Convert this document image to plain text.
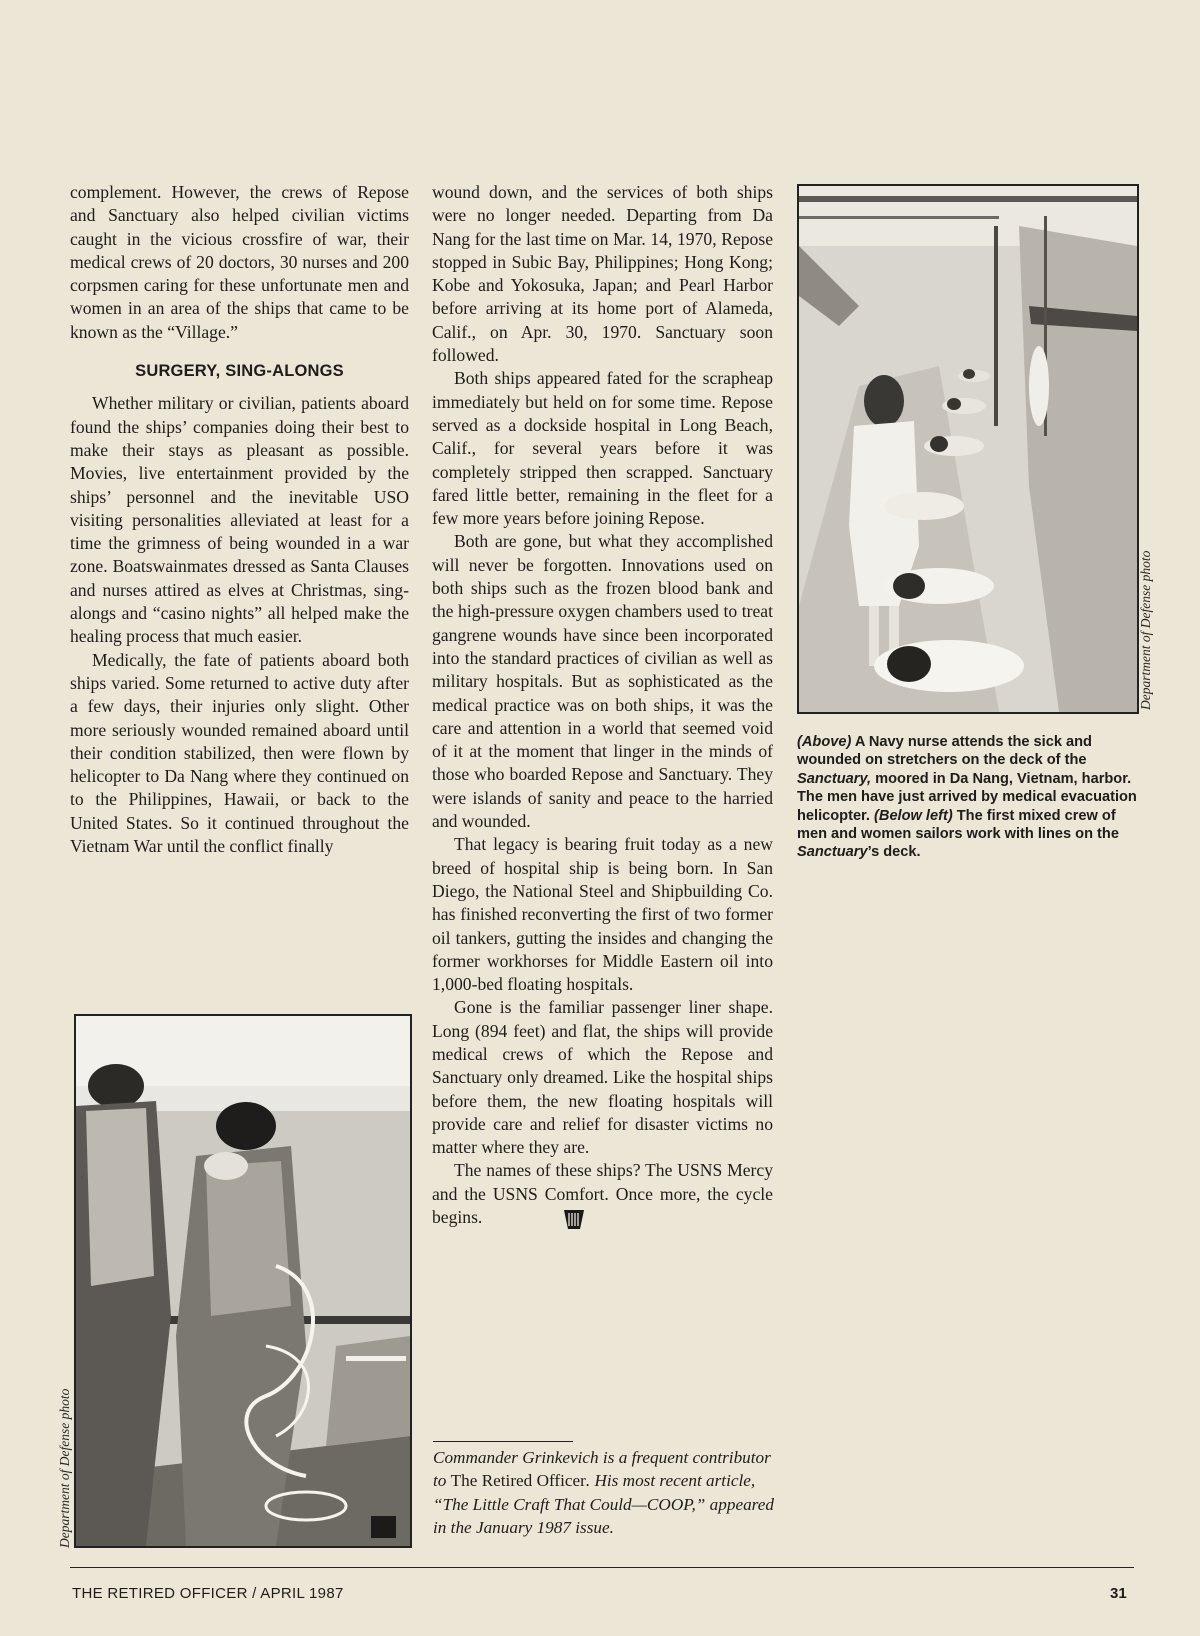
complement. However, the crews of Repose and Sanctuary also helped civilian victims caught in the vicious crossfire of war, their medical crews of 20 doctors, 30 nurses and 200 corpsmen caring for these unfortunate men and women in an area of the ships that came to be known as the “Village.”

SURGERY, SING-ALONGS

Whether military or civilian, patients aboard found the ships’ companies doing their best to make their stays as pleasant as possible. Movies, live entertainment provided by the ships’ personnel and the inevitable USO visiting personalities alleviated at least for a time the grimness of being wounded in a war zone. Boatswainmates dressed as Santa Clauses and nurses attired as elves at Christmas, sing-alongs and “casino nights” all helped make the healing process that much easier.

Medically, the fate of patients aboard both ships varied. Some returned to active duty after a few days, their injuries only slight. Other more seriously wounded remained aboard until their condition stabilized, then were flown by helicopter to Da Nang where they continued on to the Philippines, Hawaii, or back to the United States. So it continued throughout the Vietnam War until the conflict finally

wound down, and the services of both ships were no longer needed. Departing from Da Nang for the last time on Mar. 14, 1970, Repose stopped in Subic Bay, Philippines; Hong Kong; Kobe and Yokosuka, Japan; and Pearl Harbor before arriving at its home port of Alameda, Calif., on Apr. 30, 1970. Sanctuary soon followed.

Both ships appeared fated for the scrapheap immediately but held on for some time. Repose served as a dockside hospital in Long Beach, Calif., for several years before it was completely stripped then scrapped. Sanctuary fared little better, remaining in the fleet for a few more years before joining Repose.

Both are gone, but what they accomplished will never be forgotten. Innovations used on both ships such as the frozen blood bank and the high-pressure oxygen chambers used to treat gangrene wounds have since been incorporated into the standard practices of civilian as well as military hospitals. But as sophisticated as the medical practice was on both ships, it was the care and attention in a world that seemed void of it at the moment that linger in the minds of those who boarded Repose and Sanctuary. They were islands of sanity and peace to the harried and wounded.

That legacy is bearing fruit today as a new breed of hospital ship is being born. In San Diego, the National Steel and Shipbuilding Co. has finished reconverting the first of two former oil tankers, gutting the insides and changing the former workhorses for Middle Eastern oil into 1,000-bed floating hospitals.

Gone is the familiar passenger liner shape. Long (894 feet) and flat, the ships will provide medical crews of which the Repose and Sanctuary only dreamed. Like the hospital ships before them, the new floating hospitals will provide care and relief for disaster victims no matter where they are.

The names of these ships? The USNS Mercy and the USNS Comfort. Once more, the cycle begins.

Department of Defense photo
(Above) A Navy nurse attends the sick and wounded on stretchers on the deck of the Sanctuary, moored in Da Nang, Vietnam, harbor. The men have just arrived by medical evacuation helicopter. (Below left) The first mixed crew of men and women sailors work with lines on the Sanctuary’s deck.
Department of Defense photo	Commander Grinkevich is a frequent contributor to The Retired Officer. His most recent article, “The Little Craft That Could—COOP,” appeared in the January 1987 issue.
THE RETIRED OFFICER / APRIL 1987	31
